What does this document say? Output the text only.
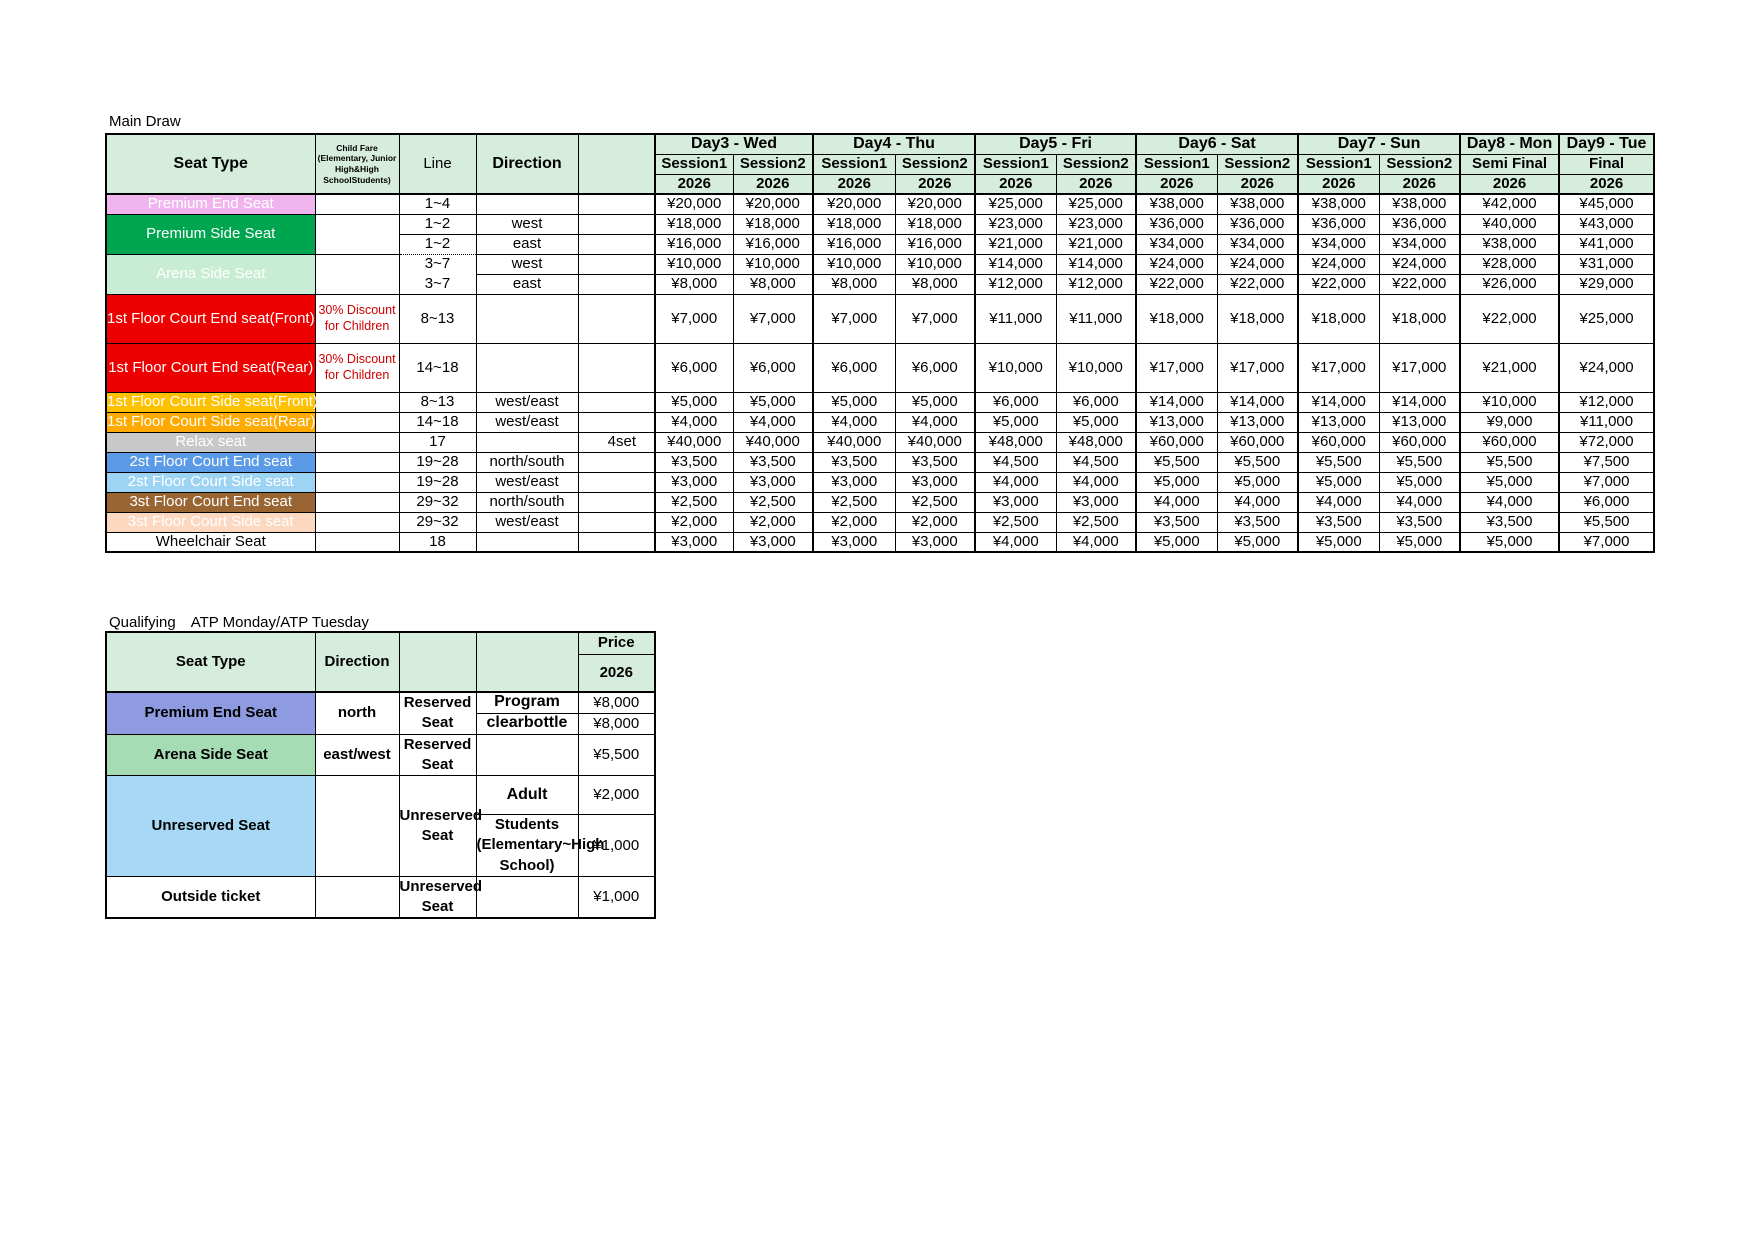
Main Draw
Seat Type	Child Fare (Elementary, Junior High&High SchoolStudents)	Line	Direction		Day3 - Wed		Day4 - Thu		Day5 - Fri		Day6 - Sat		Day7 - Sun		Day8 - Mon	Day9 - Tue
					Session1	Session2	Session1	Session2	Session1	Session2	Session1	Session2	Session1	Session2	Semi Final	Final
					2026	2026	2026	2026	2026	2026	2026	2026	2026	2026	2026	2026
Premium End Seat		1~4			¥20,000	¥20,000	¥20,000	¥20,000	¥25,000	¥25,000	¥38,000	¥38,000	¥38,000	¥38,000	¥42,000	¥45,000
Premium Side Seat		1~2	west		¥18,000	¥18,000	¥18,000	¥18,000	¥23,000	¥23,000	¥36,000	¥36,000	¥36,000	¥36,000	¥40,000	¥43,000
		1~2	east		¥16,000	¥16,000	¥16,000	¥16,000	¥21,000	¥21,000	¥34,000	¥34,000	¥34,000	¥34,000	¥38,000	¥41,000
Arena Side Seat		3~7	west		¥10,000	¥10,000	¥10,000	¥10,000	¥14,000	¥14,000	¥24,000	¥24,000	¥24,000	¥24,000	¥28,000	¥31,000
		3~7	east		¥8,000	¥8,000	¥8,000	¥8,000	¥12,000	¥12,000	¥22,000	¥22,000	¥22,000	¥22,000	¥26,000	¥29,000
1st Floor Court End seat(Front)	30% Discount for Children	8~13			¥7,000	¥7,000	¥7,000	¥7,000	¥11,000	¥11,000	¥18,000	¥18,000	¥18,000	¥18,000	¥22,000	¥25,000
1st Floor Court End seat(Rear)	30% Discount for Children	14~18			¥6,000	¥6,000	¥6,000	¥6,000	¥10,000	¥10,000	¥17,000	¥17,000	¥17,000	¥17,000	¥21,000	¥24,000
1st Floor Court Side seat(Front)		8~13	west/east		¥5,000	¥5,000	¥5,000	¥5,000	¥6,000	¥6,000	¥14,000	¥14,000	¥14,000	¥14,000	¥10,000	¥12,000
1st Floor Court Side seat(Rear)		14~18	west/east		¥4,000	¥4,000	¥4,000	¥4,000	¥5,000	¥5,000	¥13,000	¥13,000	¥13,000	¥13,000	¥9,000	¥11,000
Relax seat		17		4set	¥40,000	¥40,000	¥40,000	¥40,000	¥48,000	¥48,000	¥60,000	¥60,000	¥60,000	¥60,000	¥60,000	¥72,000
2st Floor Court End seat		19~28	north/south		¥3,500	¥3,500	¥3,500	¥3,500	¥4,500	¥4,500	¥5,500	¥5,500	¥5,500	¥5,500	¥5,500	¥7,500
2st Floor Court Side seat		19~28	west/east		¥3,000	¥3,000	¥3,000	¥3,000	¥4,000	¥4,000	¥5,000	¥5,000	¥5,000	¥5,000	¥5,000	¥7,000
3st Floor Court End seat		29~32	north/south		¥2,500	¥2,500	¥2,500	¥2,500	¥3,000	¥3,000	¥4,000	¥4,000	¥4,000	¥4,000	¥4,000	¥6,000
3st Floor Court Side seat		29~32	west/east		¥2,000	¥2,000	¥2,000	¥2,000	¥2,500	¥2,500	¥3,500	¥3,500	¥3,500	¥3,500	¥3,500	¥5,500
Wheelchair Seat		18			¥3,000	¥3,000	¥3,000	¥3,000	¥4,000	¥4,000	¥5,000	¥5,000	¥5,000	¥5,000	¥5,000	¥7,000
Qualifying　ATP Monday/ATP Tuesday
Seat Type	Direction			Price
				2026
Premium End Seat	north	Reserved Seat	Program	¥8,000
			clearbottle	¥8,000
Arena Side Seat	east/west	Reserved Seat		¥5,500
Unreserved Seat		Unreserved Seat	Adult	¥2,000
			Students (Elementary~High School)	¥1,000
Outside ticket		Unreserved Seat		¥1,000
